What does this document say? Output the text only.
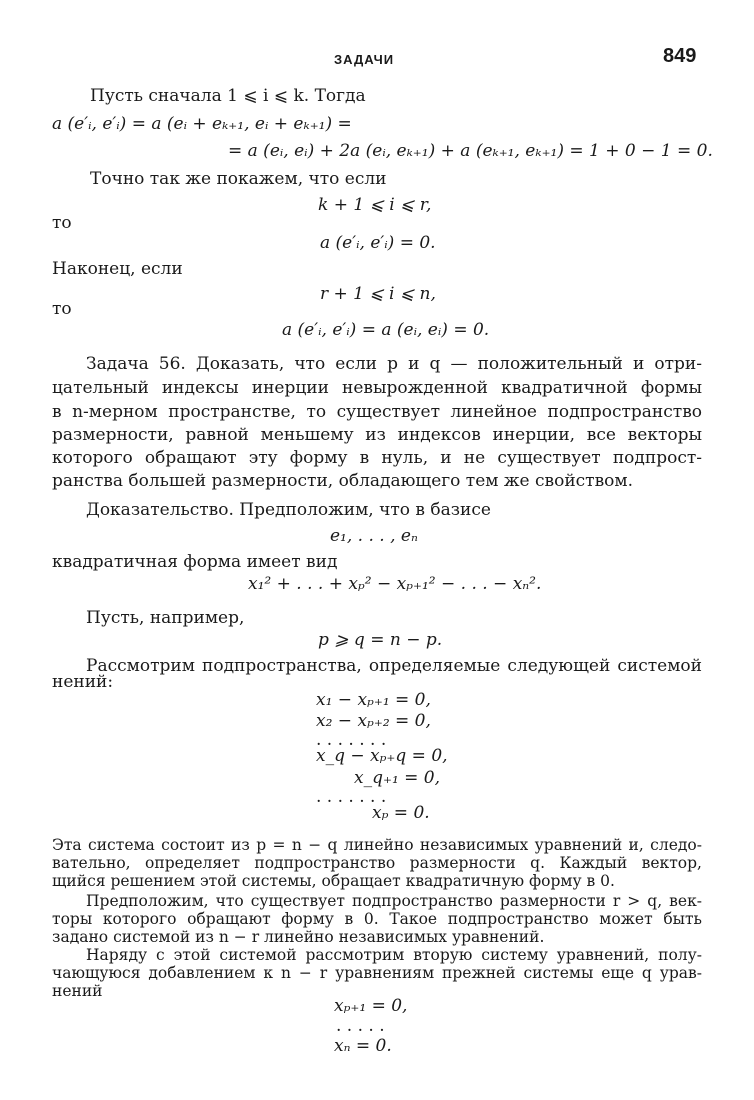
ЗАДАЧИ	849
Пусть сначала 1 ⩽ i ⩽ k. Тогда
a (e′ᵢ, e′ᵢ) = a (eᵢ + eₖ₊₁, eᵢ + eₖ₊₁) =
= a (eᵢ, eᵢ) + 2a (eᵢ, eₖ₊₁) + a (eₖ₊₁, eₖ₊₁) = 1 + 0 − 1 = 0.
Точно так же покажем, что если
k + 1 ⩽ i ⩽ r,
то
a (e′ᵢ, e′ᵢ) = 0.
Наконец, если
r + 1 ⩽ i ⩽ n,
то
a (e′ᵢ, e′ᵢ) = a (eᵢ, eᵢ) = 0.
Задача 56. Доказать, что если p и q — положительный и отри-
цательный индексы инерции невырожденной квадратичной формы
в n-мерном пространстве, то существует линейное подпространство
размерности, равной меньшему из индексов инерции, все векторы
которого обращают эту форму в нуль, и не существует подпрост-
ранства большей размерности, обладающего тем же свойством.
Доказательство. Предположим, что в базисе
e₁, . . . , eₙ
квадратичная форма имеет вид
x₁² + . . . + xₚ² − xₚ₊₁² − . . . − xₙ².
Пусть, например,
p ⩾ q = n − p.
Рассмотрим подпространства, определяемые следующей системой
нений:
x₁ − xₚ₊₁ = 0,
x₂ − xₚ₊₂ = 0,
. . . . . . .
x_q − xₚ₊q = 0,
x_q₊₁ = 0,
. . . . . . .
xₚ = 0.
Эта система состоит из p = n − q линейно независимых уравнений и, следо-
вательно, определяет подпространство размерности q. Каждый вектор,
щийся решением этой системы, обращает квадратичную форму в 0.
Предположим, что существует подпространство размерности r > q, век-
торы которого обращают форму в 0. Такое подпространство может быть
задано системой из n − r линейно независимых уравнений.
Наряду с этой системой рассмотрим вторую систему уравнений, полу-
чающуюся добавлением к n − r уравнениям прежней системы еще q урав-
нений
xₚ₊₁ = 0,
. . . . .
xₙ = 0.
